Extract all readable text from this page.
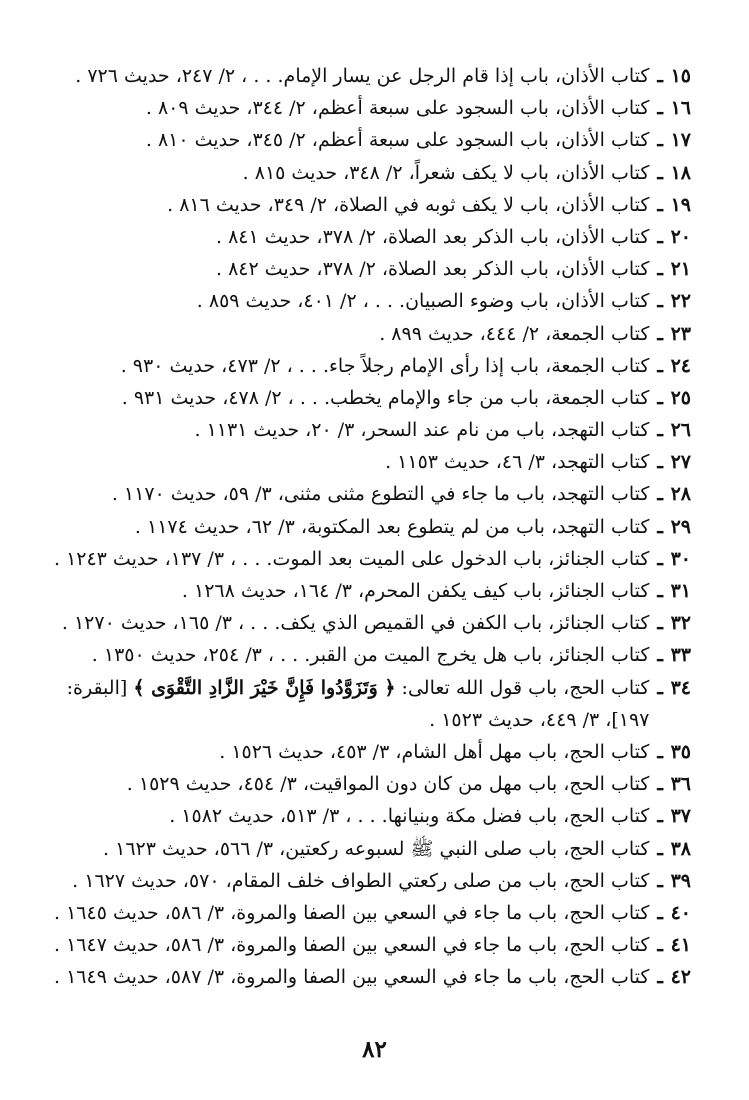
١٥
ـ
كتاب الأذان، باب إذا قام الرجل عن يسار الإمام. . . ، ٢/ ٢٤٧، حديث ٧٢٦ .
١٦
ـ
كتاب الأذان، باب السجود على سبعة أعظم، ٢/ ٣٤٤، حديث ٨٠٩ .
١٧
ـ
كتاب الأذان، باب السجود على سبعة أعظم، ٢/ ٣٤٥، حديث ٨١٠ .
١٨
ـ
كتاب الأذان، باب لا يكف شعراً، ٢/ ٣٤٨، حديث ٨١٥ .
١٩
ـ
كتاب الأذان، باب لا يكف ثوبه في الصلاة، ٢/ ٣٤٩، حديث ٨١٦ .
٢٠
ـ
كتاب الأذان، باب الذكر بعد الصلاة، ٢/ ٣٧٨، حديث ٨٤١ .
٢١
ـ
كتاب الأذان، باب الذكر بعد الصلاة، ٢/ ٣٧٨، حديث ٨٤٢ .
٢٢
ـ
كتاب الأذان، باب وضوء الصبيان. . . ، ٢/ ٤٠١، حديث ٨٥٩ .
٢٣
ـ
كتاب الجمعة، ٢/ ٤٤٤، حديث ٨٩٩ .
٢٤
ـ
كتاب الجمعة، باب إذا رأى الإمام رجلاً جاء. . . ، ٢/ ٤٧٣، حديث ٩٣٠ .
٢٥
ـ
كتاب الجمعة، باب من جاء والإمام يخطب. . . ، ٢/ ٤٧٨، حديث ٩٣١ .
٢٦
ـ
كتاب التهجد، باب من نام عند السحر، ٣/ ٢٠، حديث ١١٣١ .
٢٧
ـ
كتاب التهجد، ٣/ ٤٦، حديث ١١٥٣ .
٢٨
ـ
كتاب التهجد، باب ما جاء في التطوع مثنى مثنى، ٣/ ٥٩، حديث ١١٧٠ .
٢٩
ـ
كتاب التهجد، باب من لم يتطوع بعد المكتوبة، ٣/ ٦٢، حديث ١١٧٤ .
٣٠
ـ
كتاب الجنائز، باب الدخول على الميت بعد الموت. . . ، ٣/ ١٣٧، حديث ١٢٤٣ .
٣١
ـ
كتاب الجنائز، باب كيف يكفن المحرم، ٣/ ١٦٤، حديث ١٢٦٨ .
٣٢
ـ
كتاب الجنائز، باب الكفن في القميص الذي يكف. . . ، ٣/ ١٦٥، حديث ١٢٧٠ .
٣٣
ـ
كتاب الجنائز، باب هل يخرج الميت من القبر. . . ، ٣/ ٢٥٤، حديث ١٣٥٠ .
٣٤
ـ
كتاب الحج، باب قول الله تعالى: ﴿ وَتَزَوَّدُوا فَإِنَّ خَيْرَ الزَّادِ التَّقْوَى ﴾ [البقرة: ١٩٧]، ٣/ ٤٤٩، حديث ١٥٢٣ .
٣٥
ـ
كتاب الحج، باب مهل أهل الشام، ٣/ ٤٥٣، حديث ١٥٢٦ .
٣٦
ـ
كتاب الحج، باب مهل من كان دون المواقيت، ٣/ ٤٥٤، حديث ١٥٢٩ .
٣٧
ـ
كتاب الحج، باب فضل مكة وبنيانها. . . ، ٣/ ٥١٣، حديث ١٥٨٢ .
٣٨
ـ
كتاب الحج، باب صلى النبي ﷺ لسبوعه ركعتين، ٣/ ٥٦٦، حديث ١٦٢٣ .
٣٩
ـ
كتاب الحج، باب من صلى ركعتي الطواف خلف المقام، ٥٧٠، حديث ١٦٢٧ .
٤٠
ـ
كتاب الحج، باب ما جاء في السعي بين الصفا والمروة، ٣/ ٥٨٦، حديث ١٦٤٥ .
٤١
ـ
كتاب الحج، باب ما جاء في السعي بين الصفا والمروة، ٣/ ٥٨٦، حديث ١٦٤٧ .
٤٢
ـ
كتاب الحج، باب ما جاء في السعي بين الصفا والمروة، ٣/ ٥٨٧، حديث ١٦٤٩ .
٨٢
